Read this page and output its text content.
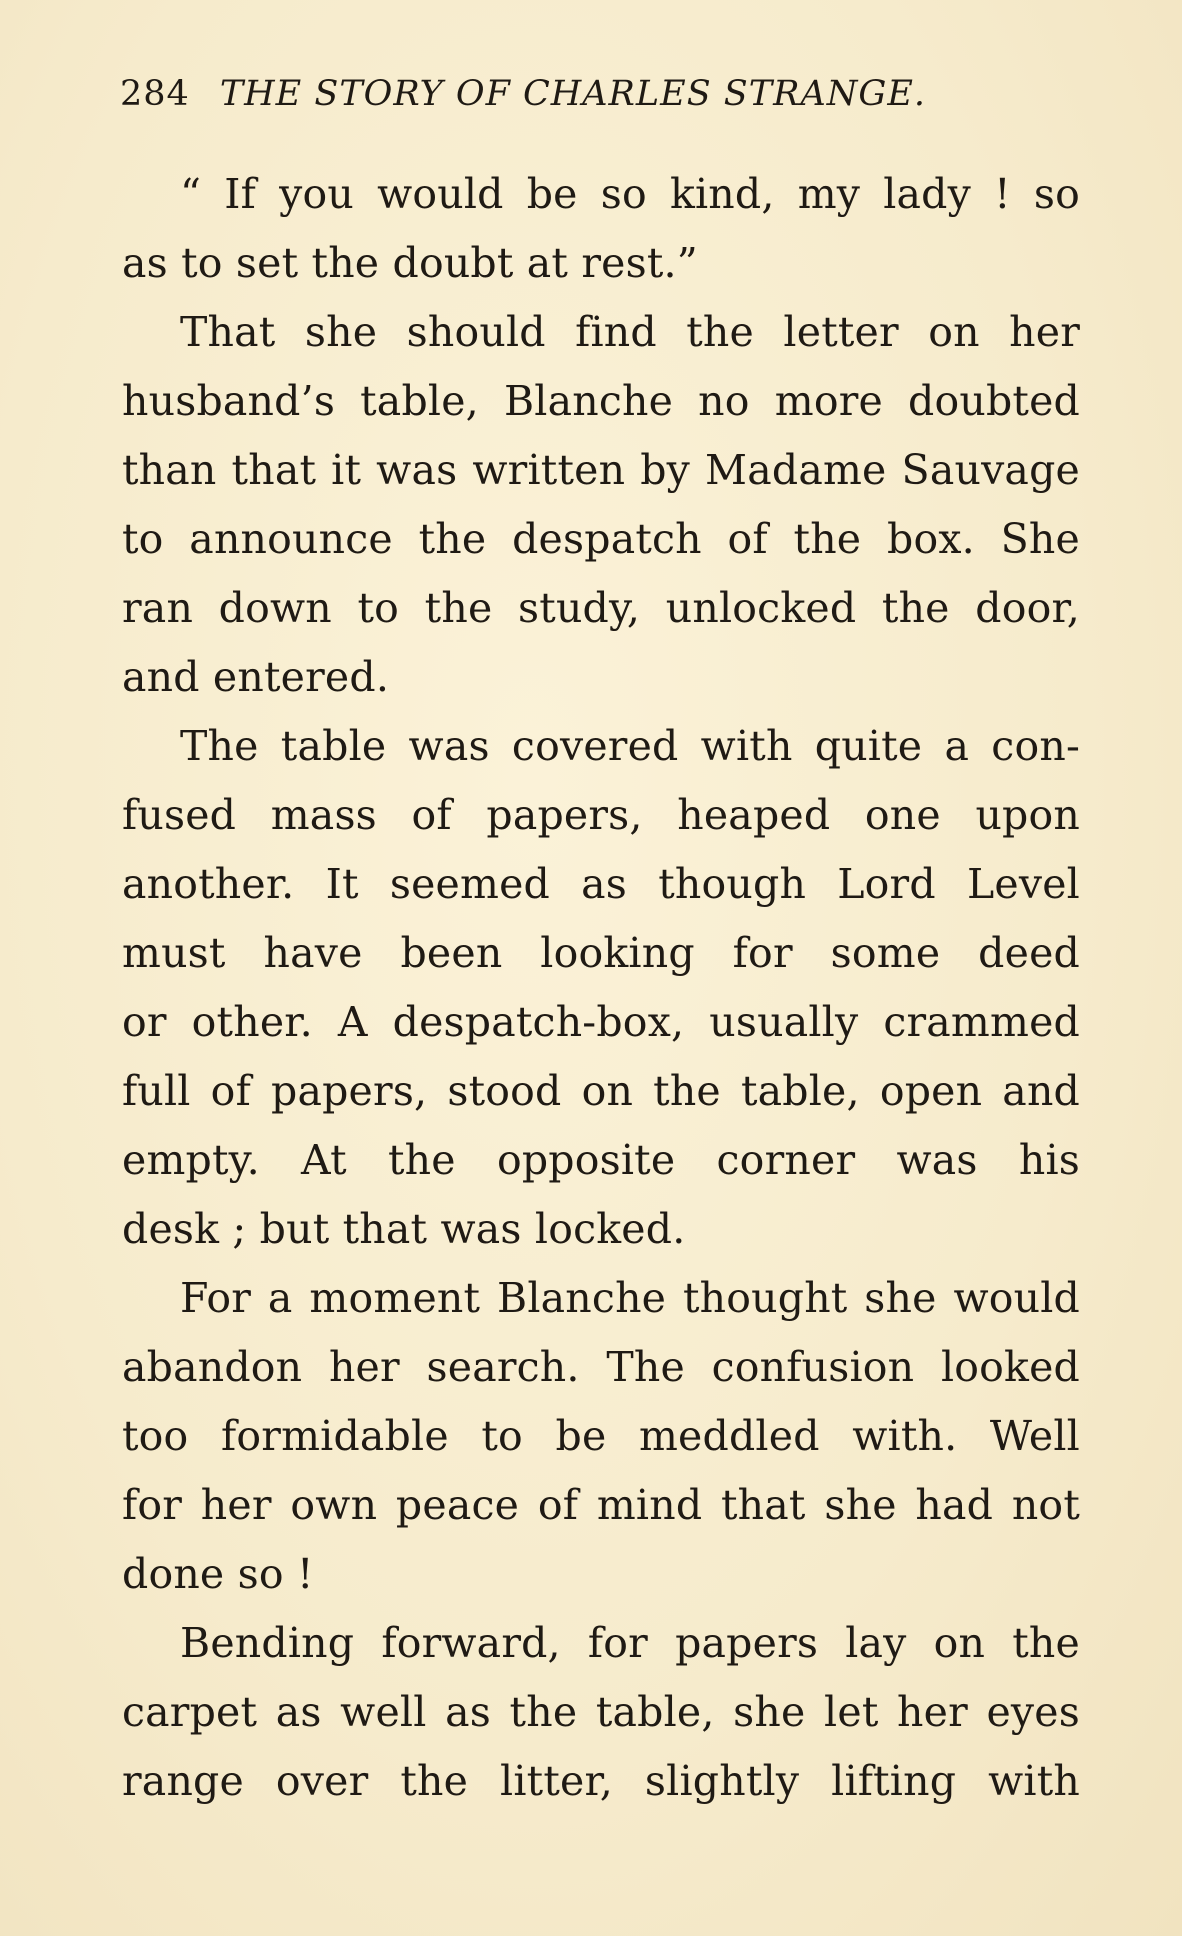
284 THE STORY OF CHARLES STRANGE.
“ If you would be so kind, my lady ! so
as to set the doubt at rest.”
That she should find the letter on her
husband’s table, Blanche no more doubted
than that it was written by Madame Sauvage
to announce the despatch of the box. She
ran down to the study, unlocked the door,
and entered.
The table was covered with quite a con-
fused mass of papers, heaped one upon
another. It seemed as though Lord Level
must have been looking for some deed
or other. A despatch-box, usually crammed
full of papers, stood on the table, open and
empty. At the opposite corner was his
desk ; but that was locked.
For a moment Blanche thought she would
abandon her search. The confusion looked
too formidable to be meddled with. Well
for her own peace of mind that she had not
done so !
Bending forward, for papers lay on the
carpet as well as the table, she let her eyes
range over the litter, slightly lifting with
